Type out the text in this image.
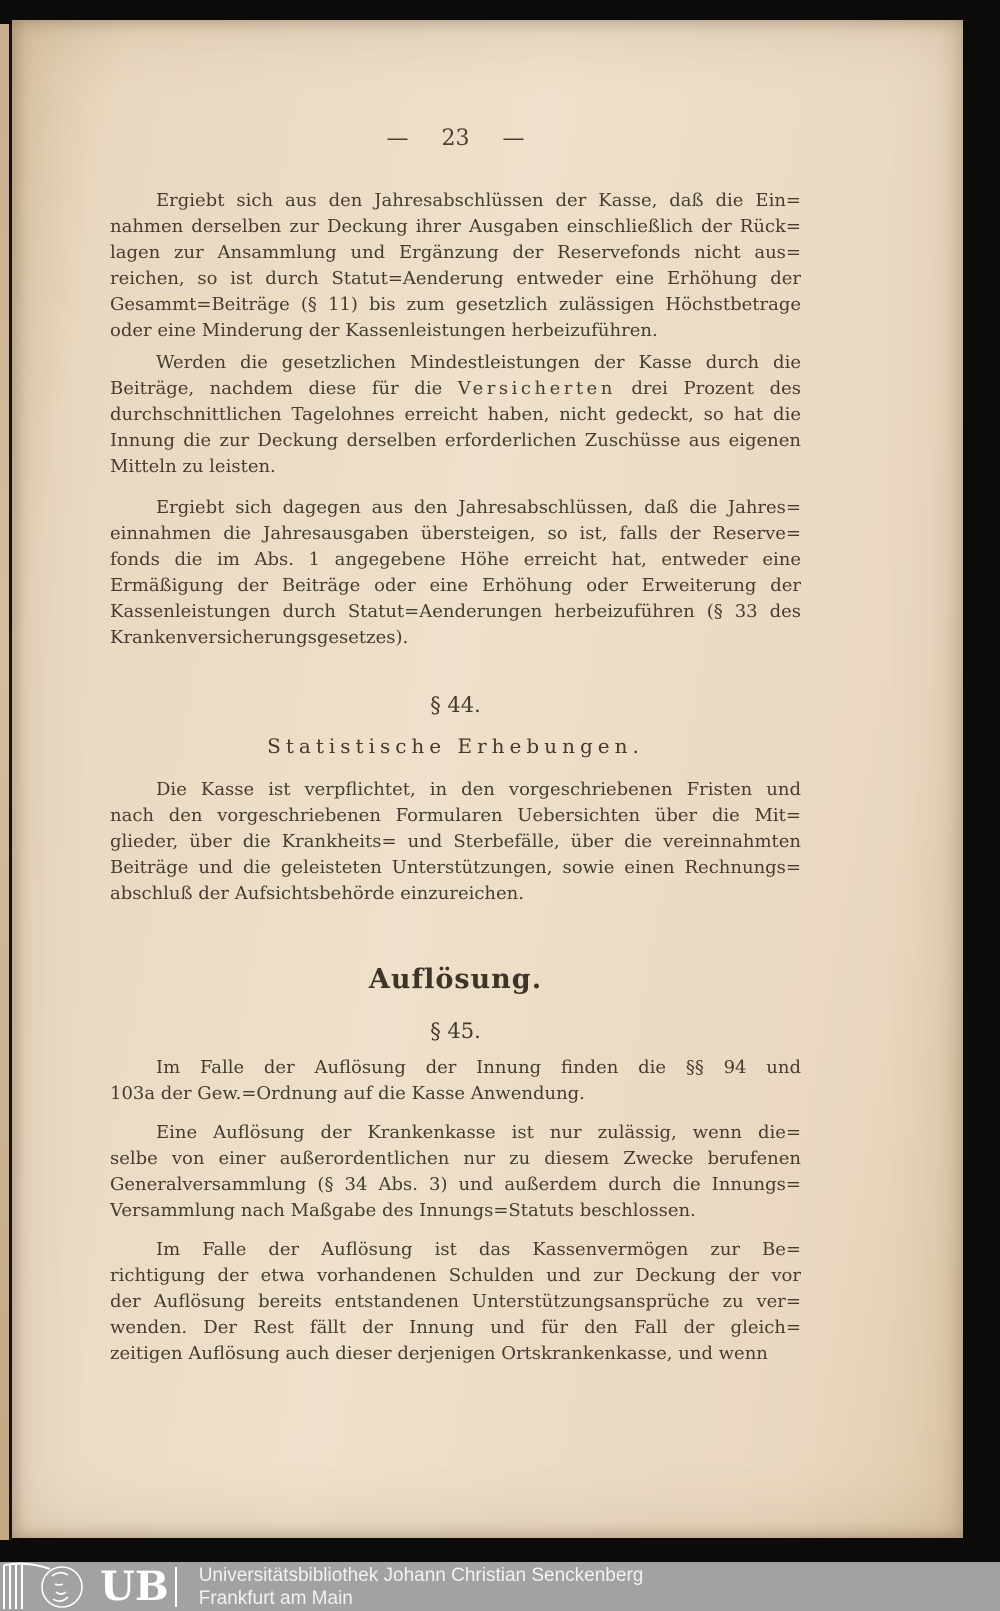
— 23 —
Ergiebt sich aus den Jahresabschlüssen der Kasse, daß die Ein=
nahmen derselben zur Deckung ihrer Ausgaben einschließlich der Rück=
lagen zur Ansammlung und Ergänzung der Reservefonds nicht aus=
reichen, so ist durch Statut=Aenderung entweder eine Erhöhung der
Gesammt=Beiträge (§ 11) bis zum gesetzlich zulässigen Höchstbetrage
oder eine Minderung der Kassenleistungen herbeizuführen.
Werden die gesetzlichen Mindestleistungen der Kasse durch die
Beiträge, nachdem diese für die Versicherten drei Prozent des
durchschnittlichen Tagelohnes erreicht haben, nicht gedeckt, so hat die
Innung die zur Deckung derselben erforderlichen Zuschüsse aus eigenen
Mitteln zu leisten.
Ergiebt sich dagegen aus den Jahresabschlüssen, daß die Jahres=
einnahmen die Jahresausgaben übersteigen, so ist, falls der Reserve=
fonds die im Abs. 1 angegebene Höhe erreicht hat, entweder eine
Ermäßigung der Beiträge oder eine Erhöhung oder Erweiterung der
Kassenleistungen durch Statut=Aenderungen herbeizuführen (§ 33 des
Krankenversicherungsgesetzes).
§ 44.
Statistische Erhebungen.
Die Kasse ist verpflichtet, in den vorgeschriebenen Fristen und
nach den vorgeschriebenen Formularen Uebersichten über die Mit=
glieder, über die Krankheits= und Sterbefälle, über die vereinnahmten
Beiträge und die geleisteten Unterstützungen, sowie einen Rechnungs=
abschluß der Aufsichtsbehörde einzureichen.
Auflösung.
§ 45.
Im Falle der Auflösung der Innung finden die §§ 94 und
103a der Gew.=Ordnung auf die Kasse Anwendung.
Eine Auflösung der Krankenkasse ist nur zulässig, wenn die=
selbe von einer außerordentlichen nur zu diesem Zwecke berufenen
Generalversammlung (§ 34 Abs. 3) und außerdem durch die Innungs=
Versammlung nach Maßgabe des Innungs=Statuts beschlossen.
Im Falle der Auflösung ist das Kassenvermögen zur Be=
richtigung der etwa vorhandenen Schulden und zur Deckung der vor
der Auflösung bereits entstandenen Unterstützungsansprüche zu ver=
wenden. Der Rest fällt der Innung und für den Fall der gleich=
zeitigen Auflösung auch dieser derjenigen Ortskrankenkasse, und wenn
UB Universitätsbibliothek Johann Christian Senckenberg
Frankfurt am Main
